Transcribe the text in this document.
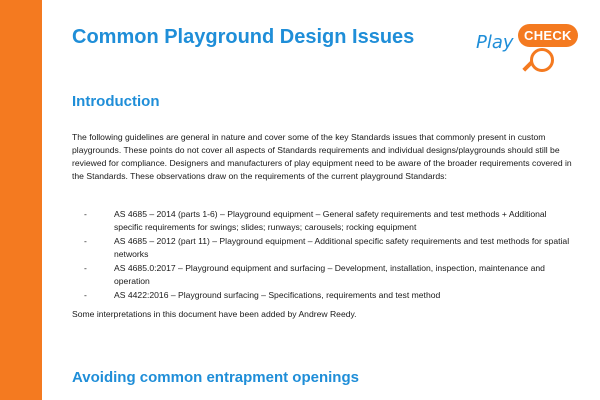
Common Playground Design Issues	Play CHECK
Introduction

The following guidelines are general in nature and cover some of the key Standards issues that commonly present in custom playgrounds. These points do not cover all aspects of Standards requirements and individual designs/playgrounds should still be reviewed for compliance. Designers and manufacturers of play equipment need to be aware of the broader requirements covered in the Standards. These observations draw on the requirements of the current playground Standards:

-	AS 4685 – 2014 (parts 1-6) – Playground equipment – General safety requirements and test methods + Additional specific requirements for swings; slides; runways; carousels; rocking equipment
-	AS 4685 – 2012 (part 11) – Playground equipment – Additional specific safety requirements and test methods for spatial networks
-	AS 4685.0:2017 – Playground equipment and surfacing – Development, installation, inspection, maintenance and operation
-	AS 4422:2016 – Playground surfacing – Specifications, requirements and test method

Some interpretations in this document have been added by Andrew Reedy.

Avoiding common entrapment openings
